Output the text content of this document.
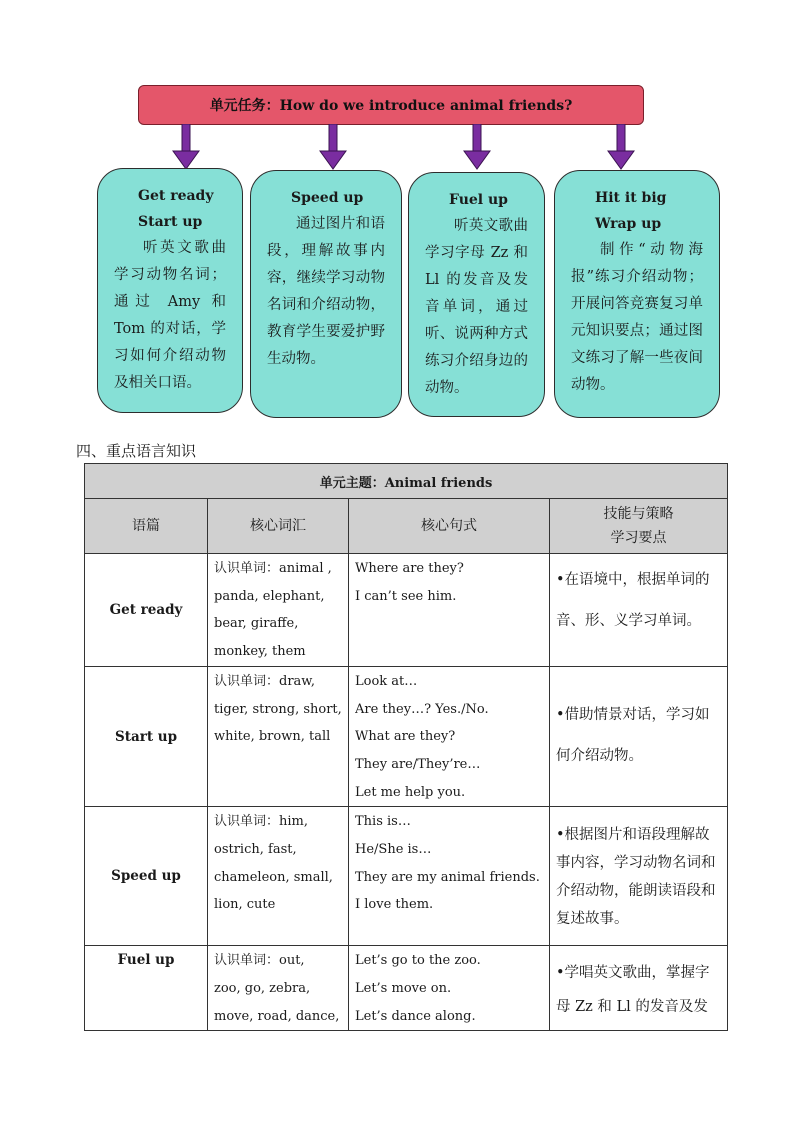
单元任务：How do we introduce animal friends?
Get ready
Start up
听英文歌曲学习动物名词；通过 Amy 和 Tom 的对话，学习如何介绍动物及相关口语。
Speed up
通过图片和语段，理解故事内容，继续学习动物名词和介绍动物，教育学生要爱护野生动物。
Fuel up
听英文歌曲学习字母 Zz 和 Ll 的发音及发音单词，通过听、说两种方式练习介绍身边的动物。
Hit it big
Wrap up
制作“动物海报”练习介绍动物；开展问答竞赛复习单元知识要点；通过图文练习了解一些夜间动物。
四、重点语言知识
单元主题：Animal friends			
语篇	核心词汇	核心句式	技能与策略
学习要点
Get ready	认识单词：animal ,
panda, elephant,
bear, giraffe,
monkey, them	Where are they?
I can’t see him.	•在语境中，根据单词的音、形、义学习单词。
Start up	认识单词：draw,
tiger, strong, short,
white, brown, tall	Look at…
Are they…? Yes./No.
What are they?
They are/They’re…
Let me help you.	•借助情景对话，学习如何介绍动物。
Speed up	认识单词：him,
ostrich, fast,
chameleon, small,
lion, cute	This is…
He/She is…
They are my animal friends.
I love them.	•根据图片和语段理解故事内容，学习动物名词和介绍动物，能朗读语段和复述故事。
Fuel up	认识单词：out,
zoo, go, zebra,
move, road, dance,	Let’s go to the zoo.
Let’s move on.
Let’s dance along.	•学唱英文歌曲，掌握字母 Zz 和 Ll 的发音及发
